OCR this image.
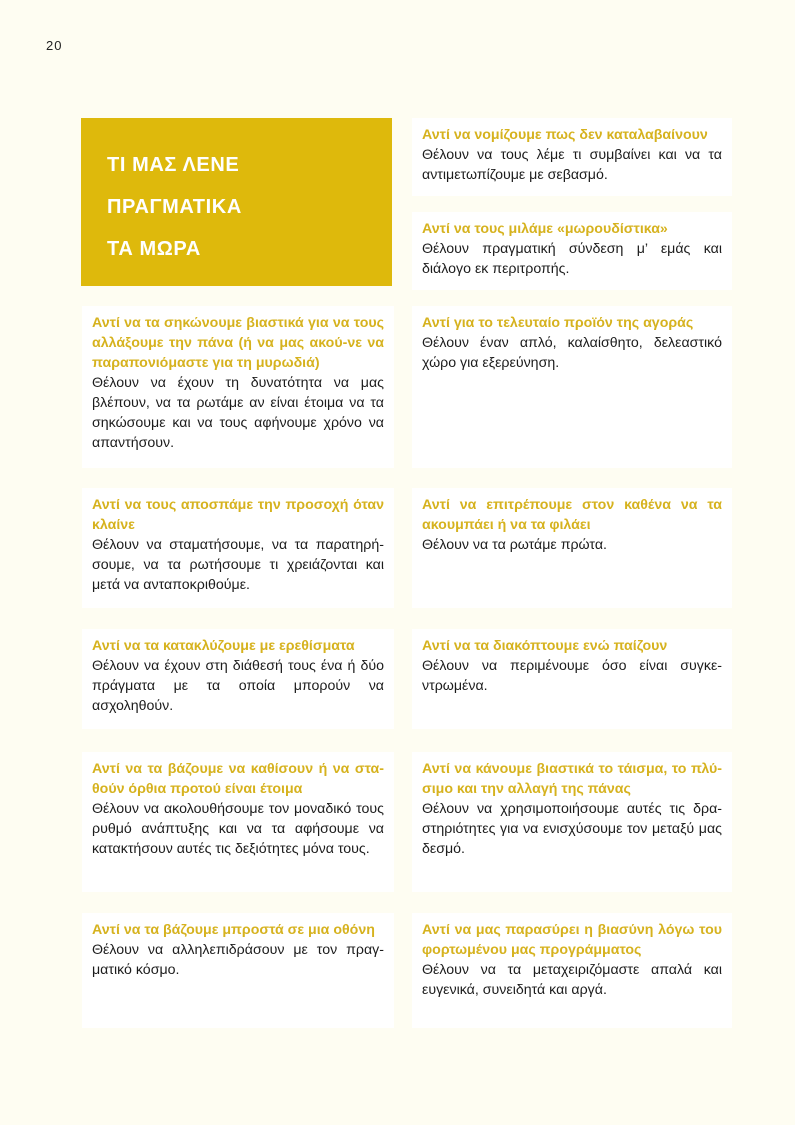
20
ΤΙ ΜΑΣ ΛΕΝΕ
ΠΡΑΓΜΑΤΙΚΑ
ΤΑ ΜΩΡΑ
Αντί να τα σηκώνουμε βιαστικά για να τους αλλάξουμε την πάνα (ή να μας ακού-νε να παραπονιόμαστε για τη μυρωδιά)
Θέλουν να έχουν τη δυνατότητα να μας βλέπουν, να τα ρωτάμε αν είναι έτοιμα να τα σηκώσουμε και να τους αφήνουμε χρόνο να απαντήσουν.
Αντί να τους αποσπάμε την προσοχή όταν κλαίνε
Θέλουν να σταματήσουμε, να τα παρατηρή-σουμε, να τα ρωτήσουμε τι χρειάζονται και μετά να ανταποκριθούμε.
Αντί να τα κατακλύζουμε με ερεθίσματα
Θέλουν να έχουν στη διάθεσή τους ένα ή δύο πράγματα με τα οποία μπορούν να ασχοληθούν.
Αντί να τα βάζουμε να καθίσουν ή να στα-θούν όρθια προτού είναι έτοιμα
Θέλουν να ακολουθήσουμε τον μοναδικό τους ρυθμό ανάπτυξης και να τα αφήσουμε να κατακτήσουν αυτές τις δεξιότητες μόνα τους.
Αντί να τα βάζουμε μπροστά σε μια οθόνη
Θέλουν να αλληλεπιδράσουν με τον πραγ-ματικό κόσμο.
Αντί να νομίζουμε πως δεν καταλαβαίνουν
Θέλουν να τους λέμε τι συμβαίνει και να τα αντιμετωπίζουμε με σεβασμό.
Αντί να τους μιλάμε «μωρουδίστικα»
Θέλουν πραγματική σύνδεση μ’ εμάς και διάλογο εκ περιτροπής.
Αντί για το τελευταίο προϊόν της αγοράς
Θέλουν έναν απλό, καλαίσθητο, δελεαστικό χώρο για εξερεύνηση.
Αντί να επιτρέπουμε στον καθένα να τα ακουμπάει ή να τα φιλάει
Θέλουν να τα ρωτάμε πρώτα.
Αντί να τα διακόπτουμε ενώ παίζουν
Θέλουν να περιμένουμε όσο είναι συγκε-ντρωμένα.
Αντί να κάνουμε βιαστικά το τάισμα, το πλύ-σιμο και την αλλαγή της πάνας
Θέλουν να χρησιμοποιήσουμε αυτές τις δρα-στηριότητες για να ενισχύσουμε τον μεταξύ μας δεσμό.
Αντί να μας παρασύρει η βιασύνη λόγω του φορτωμένου μας προγράμματος
Θέλουν να τα μεταχειριζόμαστε απαλά και ευγενικά, συνειδητά και αργά.
